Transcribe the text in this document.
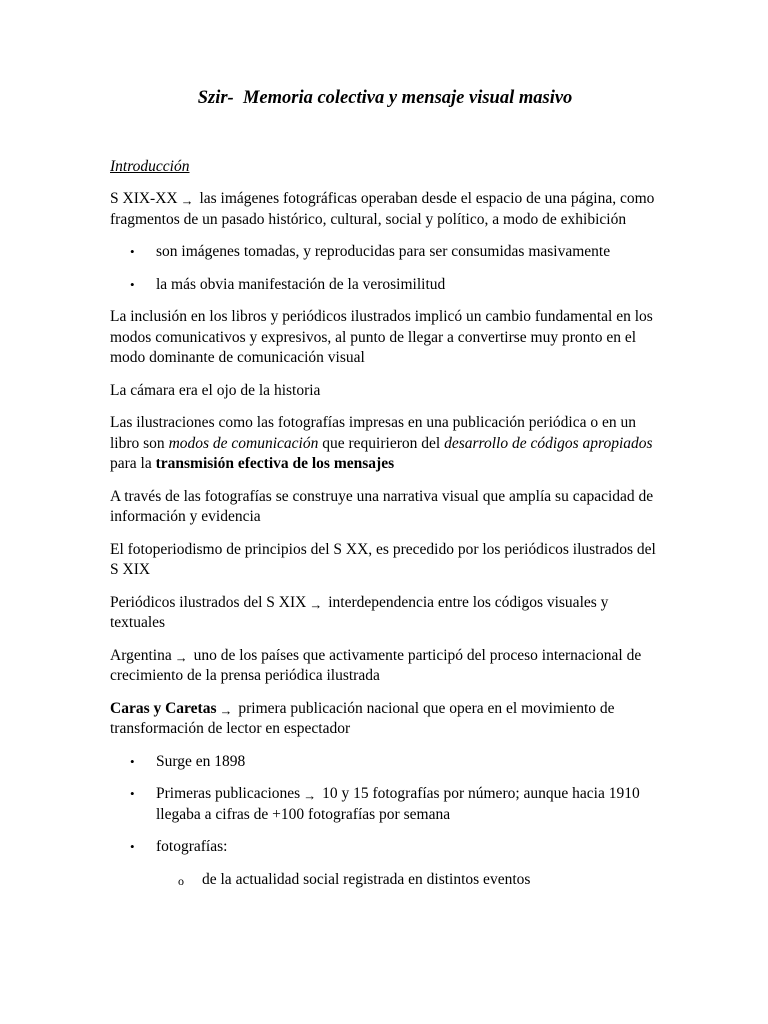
Szir-  Memoria colectiva y mensaje visual masivo
Introducción

S XIX-XX → las imágenes fotográficas operaban desde el espacio de una página, como fragmentos de un pasado histórico, cultural, social y político, a modo de exhibición

• son imágenes tomadas, y reproducidas para ser consumidas masivamente
• la más obvia manifestación de la verosimilitud

La inclusión en los libros y periódicos ilustrados implicó un cambio fundamental en los modos comunicativos y expresivos, al punto de llegar a convertirse muy pronto en el modo dominante de comunicación visual

La cámara era el ojo de la historia

Las ilustraciones como las fotografías impresas en una publicación periódica o en un libro son modos de comunicación que requirieron del desarrollo de códigos apropiados para la transmisión efectiva de los mensajes

A través de las fotografías se construye una narrativa visual que amplía su capacidad de información y evidencia

El fotoperiodismo de principios del S XX, es precedido por los periódicos ilustrados del S XIX

Periódicos ilustrados del S XIX → interdependencia entre los códigos visuales y textuales

Argentina → uno de los países que activamente participó del proceso internacional de crecimiento de la prensa periódica ilustrada

Caras y Caretas → primera publicación nacional que opera en el movimiento de transformación de lector en espectador

• Surge en 1898
• Primeras publicaciones → 10 y 15 fotografías por número; aunque hacia 1910 llegaba a cifras de +100 fotografías por semana
• fotografías:
o de la actualidad social registrada en distintos eventos
